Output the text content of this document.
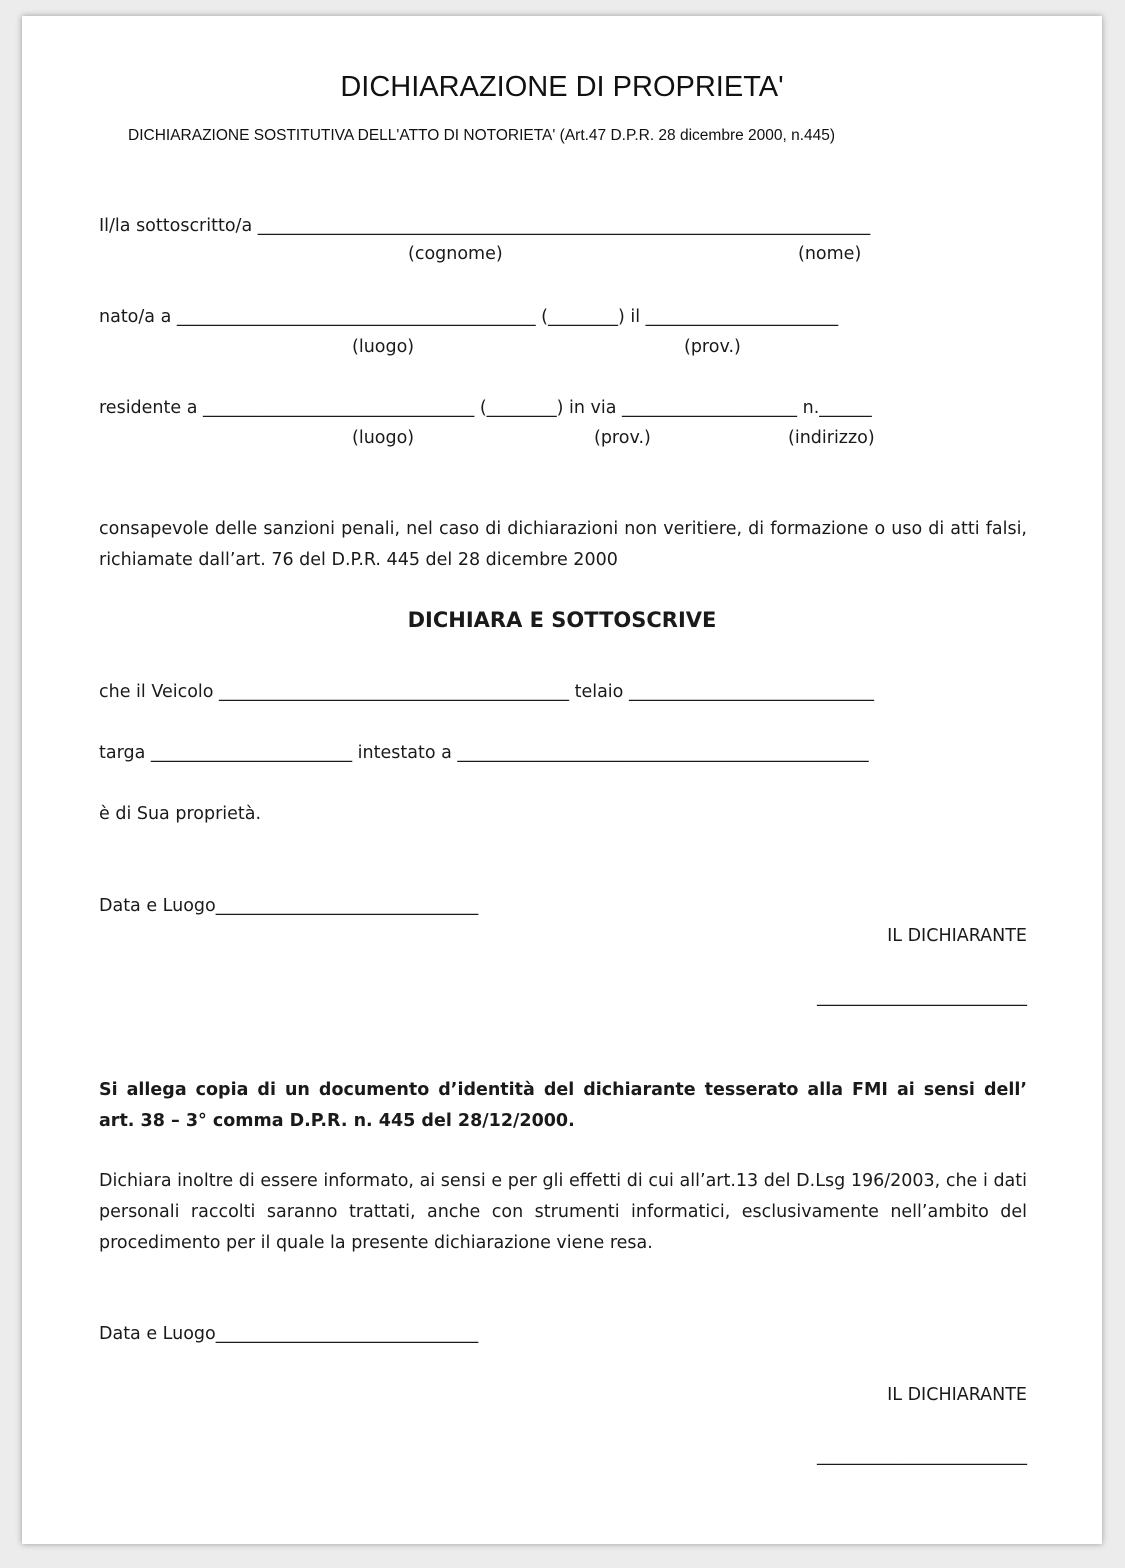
DICHIARAZIONE DI PROPRIETA'
DICHIARAZIONE SOSTITUTIVA DELL'ATTO DI NOTORIETA' (Art.47 D.P.R. 28 dicembre 2000, n.445)
Il/la sottoscritto/a ______________________________________________________________________
(cognome)	(nome)
nato/a a _________________________________________ (________) il ______________________
(luogo)	(prov.)
residente a _______________________________ (________) in via ____________________ n.______
(luogo)	(prov.)	(indirizzo)
consapevole delle sanzioni penali, nel caso di dichiarazioni non veritiere, di formazione o uso di atti falsi, richiamate dall’art. 76 del D.P.R. 445 del 28 dicembre 2000
DICHIARA E SOTTOSCRIVE
che il Veicolo ________________________________________ telaio ____________________________
targa _______________________ intestato a _______________________________________________
è di Sua proprietà.
Data e Luogo______________________________
IL DICHIARANTE
________________________
Si allega copia di un documento d’identità del dichiarante tesserato alla FMI ai sensi dell’ art. 38 – 3° comma D.P.R. n. 445 del 28/12/2000.
Dichiara inoltre di essere informato, ai sensi e per gli effetti di cui all’art.13 del D.Lsg 196/2003, che i dati personali raccolti saranno trattati, anche con strumenti informatici, esclusivamente nell’ambito del procedimento per il quale la presente dichiarazione viene resa.
Data e Luogo______________________________
IL DICHIARANTE
________________________
